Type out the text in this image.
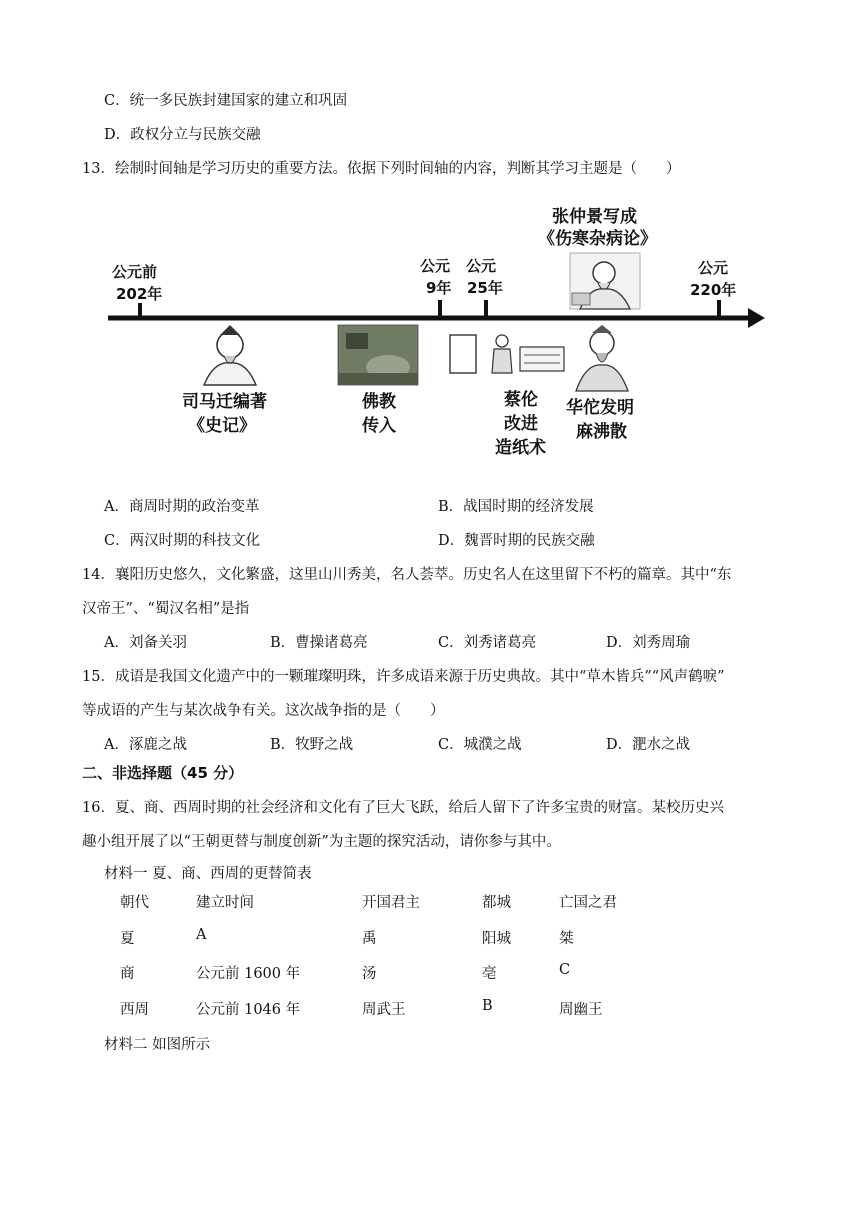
C．统一多民族封建国家的建立和巩固
D．政权分立与民族交融
13．绘制时间轴是学习历史的重要方法。依据下列时间轴的内容，判断其学习主题是（　　）
公元前
202年
公元
9年
公元
25年
公元
220年
张仲景写成
《伤寒杂病论》
司马迁编著
《史记》
佛教
传入
蔡伦
改进
造纸术
华佗发明
麻沸散
A．商周时期的政治变革	B．战国时期的经济发展
C．两汉时期的科技文化	D．魏晋时期的民族交融
14．襄阳历史悠久，文化繁盛，这里山川秀美，名人荟萃。历史名人在这里留下不朽的篇章。其中“东
汉帝王”、“蜀汉名相”是指
A．刘备关羽	B．曹操诸葛亮	C．刘秀诸葛亮	D．刘秀周瑜
15．成语是我国文化遗产中的一颗璀璨明珠，许多成语来源于历史典故。其中“草木皆兵”“风声鹤唳”
等成语的产生与某次战争有关。这次战争指的是（　　）
A．涿鹿之战	B．牧野之战	C．城濮之战	D．淝水之战
二、非选择题（45 分）
16．夏、商、西周时期的社会经济和文化有了巨大飞跃，给后人留下了许多宝贵的财富。某校历史兴
趣小组开展了以“王朝更替与制度创新”为主题的探究活动，请你参与其中。
材料一 夏、商、西周的更替简表
朝代	建立时间	开国君主	都城	亡国之君
夏	A	禹	阳城	桀
商	公元前 1600 年	汤	亳	C
西周	公元前 1046 年	周武王	B	周幽王
材料二 如图所示
